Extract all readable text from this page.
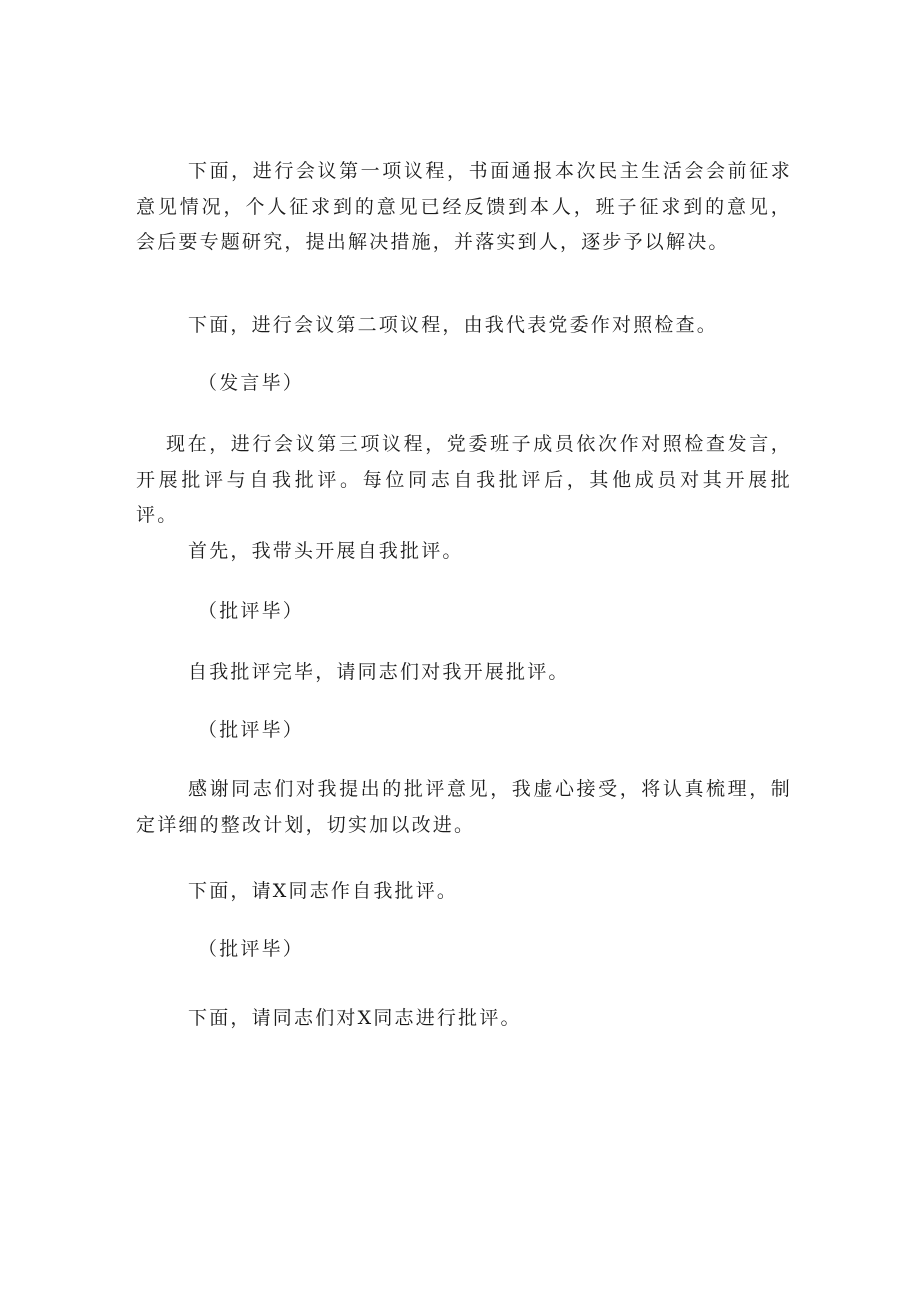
下面，进行会议第一项议程，书面通报本次民主生活会会前征求意见情况，个人征求到的意见已经反馈到本人，班子征求到的意见，会后要专题研究，提出解决措施，并落实到人，逐步予以解决。

下面，进行会议第二项议程，由我代表党委作对照检查。

（发言毕）

现在，进行会议第三项议程，党委班子成员依次作对照检查发言，开展批评与自我批评。每位同志自我批评后，其他成员对其开展批评。

首先，我带头开展自我批评。

（批评毕）

自我批评完毕，请同志们对我开展批评。

（批评毕）

感谢同志们对我提出的批评意见，我虚心接受，将认真梳理，制定详细的整改计划，切实加以改进。

下面，请X同志作自我批评。

（批评毕）

下面，请同志们对X同志进行批评。
